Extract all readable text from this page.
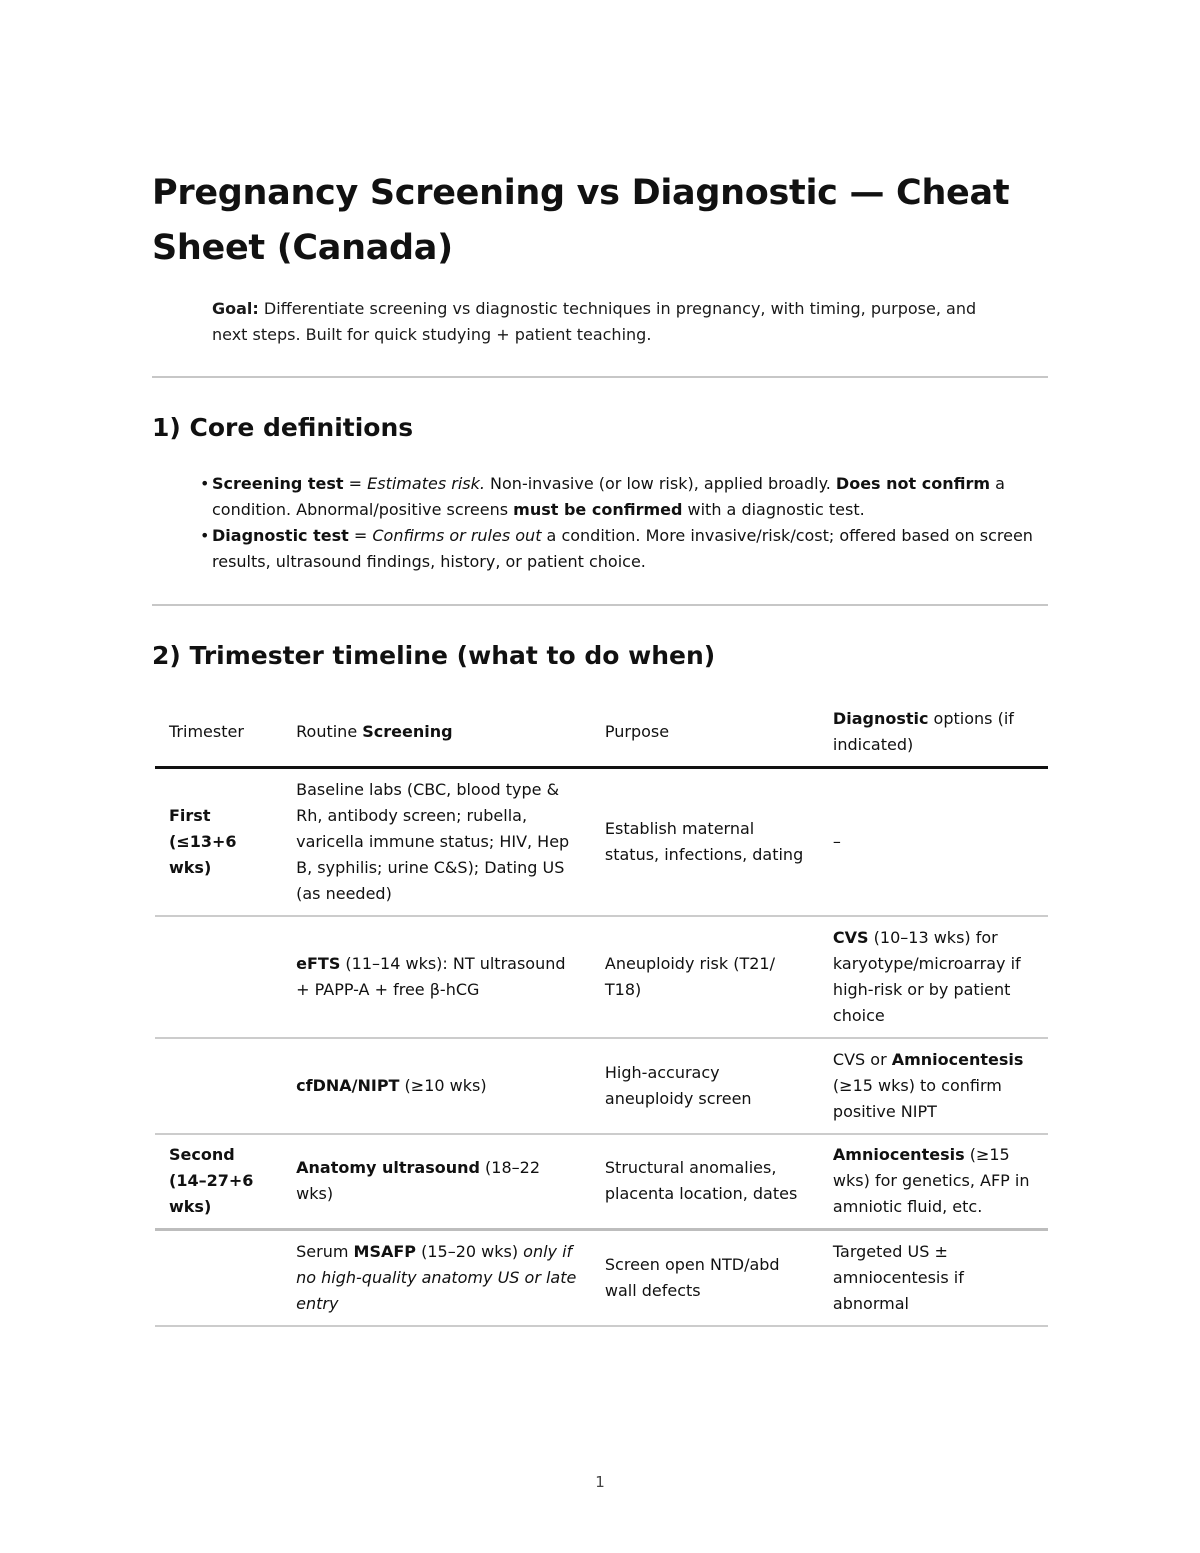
Pregnancy Screening vs Diagnostic — Cheat Sheet (Canada)

Goal: Differentiate screening vs diagnostic techniques in pregnancy, with timing, purpose, and next steps. Built for quick studying + patient teaching.

1) Core definitions
• Screening test = Estimates risk. Non-invasive (or low risk), applied broadly. Does not confirm a condition. Abnormal/positive screens must be confirmed with a diagnostic test.
• Diagnostic test = Confirms or rules out a condition. More invasive/risk/cost; offered based on screen results, ultrasound findings, history, or patient choice.
2) Trimester timeline (what to do when)
Trimester	Routine Screening	Purpose	Diagnostic options (if indicated)
First (≤13+6 wks)	Baseline labs (CBC, blood type & Rh, antibody screen; rubella, varicella immune status; HIV, Hep B, syphilis; urine C&S); Dating US (as needed)	Establish maternal status, infections, dating	–
	eFTS (11–14 wks): NT ultrasound + PAPP-A + free β-hCG	Aneuploidy risk (T21/ T18)	CVS (10–13 wks) for karyotype/microarray if high-risk or by patient choice
	cfDNA/NIPT (≥10 wks)	High-accuracy aneuploidy screen	CVS or Amniocentesis (≥15 wks) to confirm positive NIPT
Second (14–27+6 wks)	Anatomy ultrasound (18–22 wks)	Structural anomalies, placenta location, dates	Amniocentesis (≥15 wks) for genetics, AFP in amniotic fluid, etc.
	Serum MSAFP (15–20 wks) only if no high-quality anatomy US or late entry	Screen open NTD/abd wall defects	Targeted US ± amniocentesis if abnormal
1
